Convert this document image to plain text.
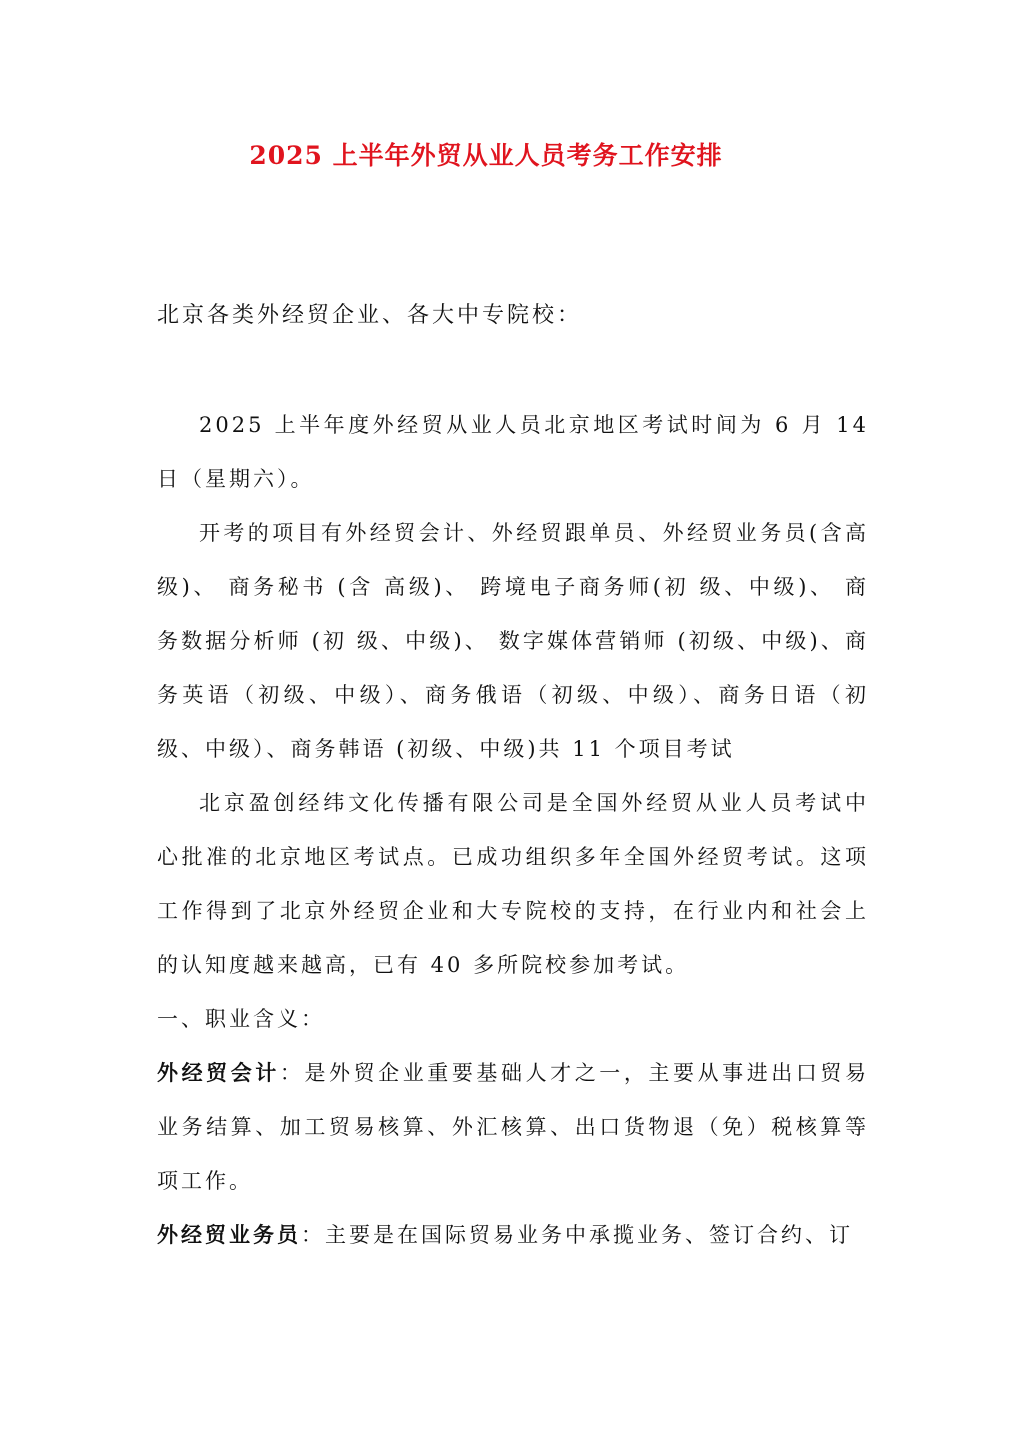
2025 上半年外贸从业人员考务工作安排
北京各类外经贸企业、各大中专院校：

2025 上半年度外经贸从业人员北京地区考试时间为 6 月 14 日（星期六）。

开考的项目有外经贸会计、外经贸跟单员、外经贸业务员(含高级)、 商务秘书 (含 高级)、 跨境电子商务师(初 级、中级)、 商务数据分析师 (初 级、中级)、 数字媒体营销师 (初级、中级)、商务英语（初级、中级）、商务俄语（初级、中级）、商务日语（初级、中级）、商务韩语 (初级、中级)共 11 个项目考试

北京盈创经纬文化传播有限公司是全国外经贸从业人员考试中心批准的北京地区考试点。已成功组织多年全国外经贸考试。这项工作得到了北京外经贸企业和大专院校的支持，在行业内和社会上的认知度越来越高，已有 40 多所院校参加考试。

一、职业含义：

外经贸会计：是外贸企业重要基础人才之一，主要从事进出口贸易业务结算、加工贸易核算、外汇核算、出口货物退（免）税核算等项工作。

外经贸业务员：主要是在国际贸易业务中承揽业务、签订合约、订
